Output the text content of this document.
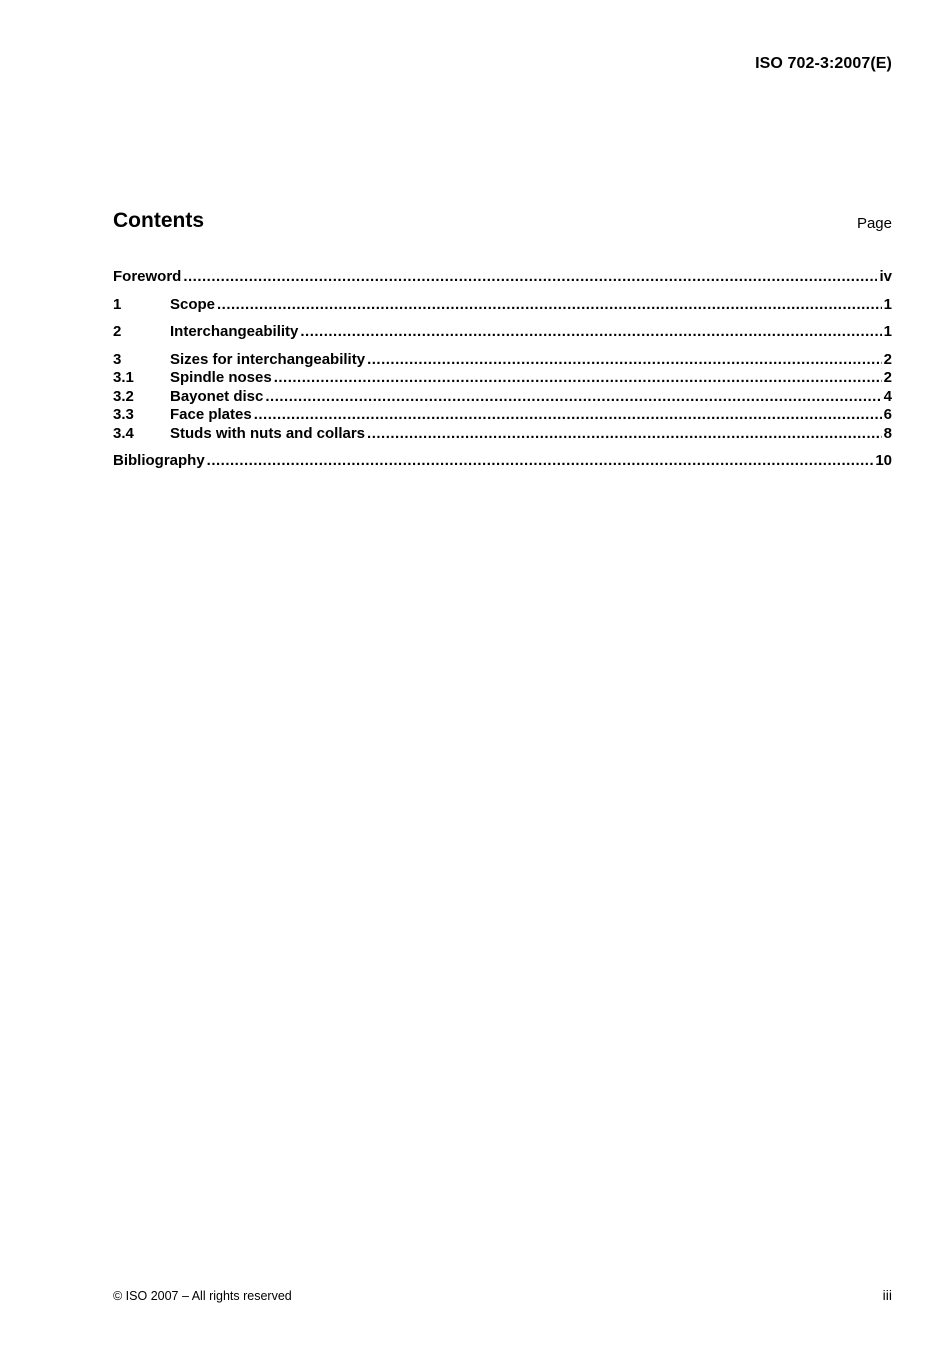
ISO 702-3:2007(E)
Contents	Page
Foreword .....	iv
1	Scope .....	1
2	Interchangeability .....	1
3	Sizes for interchangeability .....	2
3.1	Spindle noses .....	2
3.2	Bayonet disc .....	4
3.3	Face plates .....	6
3.4	Studs with nuts and collars .....	8
Bibliography .....	10
© ISO 2007 – All rights reserved	iii
